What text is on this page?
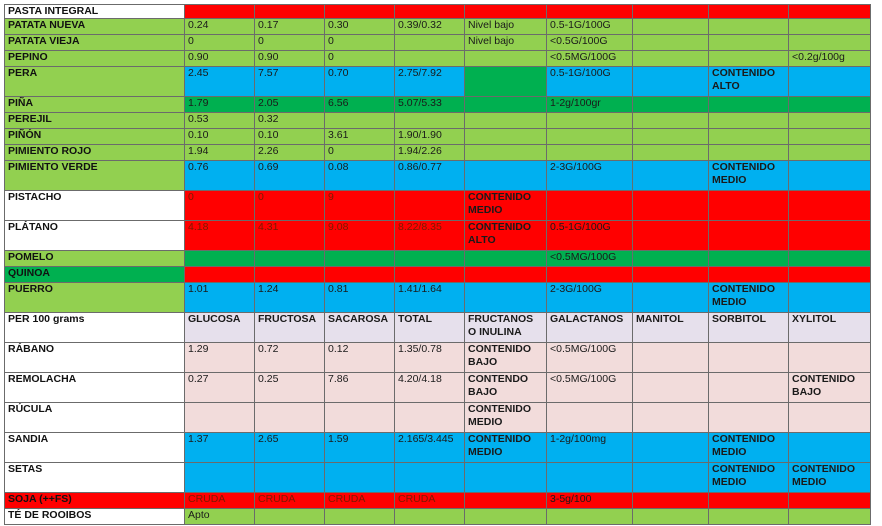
PASTA INTEGRAL									
PATATA NUEVA	0.24	0.17	0.30	0.39/0.32	Nivel bajo	0.5-1G/100G			
PATATA VIEJA	0	0	0		Nivel bajo	<0.5G/100G			
PEPINO	0.90	0.90	0			<0.5MG/100G			<0.2g/100g
PERA	2.45	7.57	0.70	2.75/7.92		0.5-1G/100G		CONTENIDO ALTO	
PIÑA	1.79	2.05	6.56	5.07/5.33		1-2g/100gr			
PEREJIL	0.53	0.32							
PIÑÓN	0.10	0.10	3.61	1.90/1.90					
PIMIENTO ROJO	1.94	2.26	0	1.94/2.26					
PIMIENTO VERDE	0.76	0.69	0.08	0.86/0.77		2-3G/100G		CONTENIDO MEDIO	
PISTACHO	0	0	9		CONTENIDO MEDIO				
PLÁTANO	4.18	4.31	9.08	8.22/8.35	CONTENIDO ALTO	0.5-1G/100G			
POMELO						<0.5MG/100G			
QUINOA									
PUERRO	1.01	1.24	0.81	1.41/1.64		2-3G/100G		CONTENIDO MEDIO	
PER 100 grams	GLUCOSA	FRUCTOSA	SACAROSA	TOTAL	FRUCTANOS O INULINA	GALACTANOS	MANITOL	SORBITOL	XYLITOL
RÁBANO	1.29	0.72	0.12	1.35/0.78	CONTENIDO BAJO	<0.5MG/100G			
REMOLACHA	0.27	0.25	7.86	4.20/4.18	CONTENDO BAJO	<0.5MG/100G			CONTENIDO BAJO
RÚCULA					CONTENIDO MEDIO				
SANDIA	1.37	2.65	1.59	2.165/3.445	CONTENIDO MEDIO	1-2g/100mg		CONTENIDO MEDIO	
SETAS								CONTENIDO MEDIO	CONTENIDO MEDIO
SOJA (++FS)	CRUDA	CRUDA	CRUDA	CRUDA		3-5g/100			
TÉ DE ROOIBOS	Apto								
